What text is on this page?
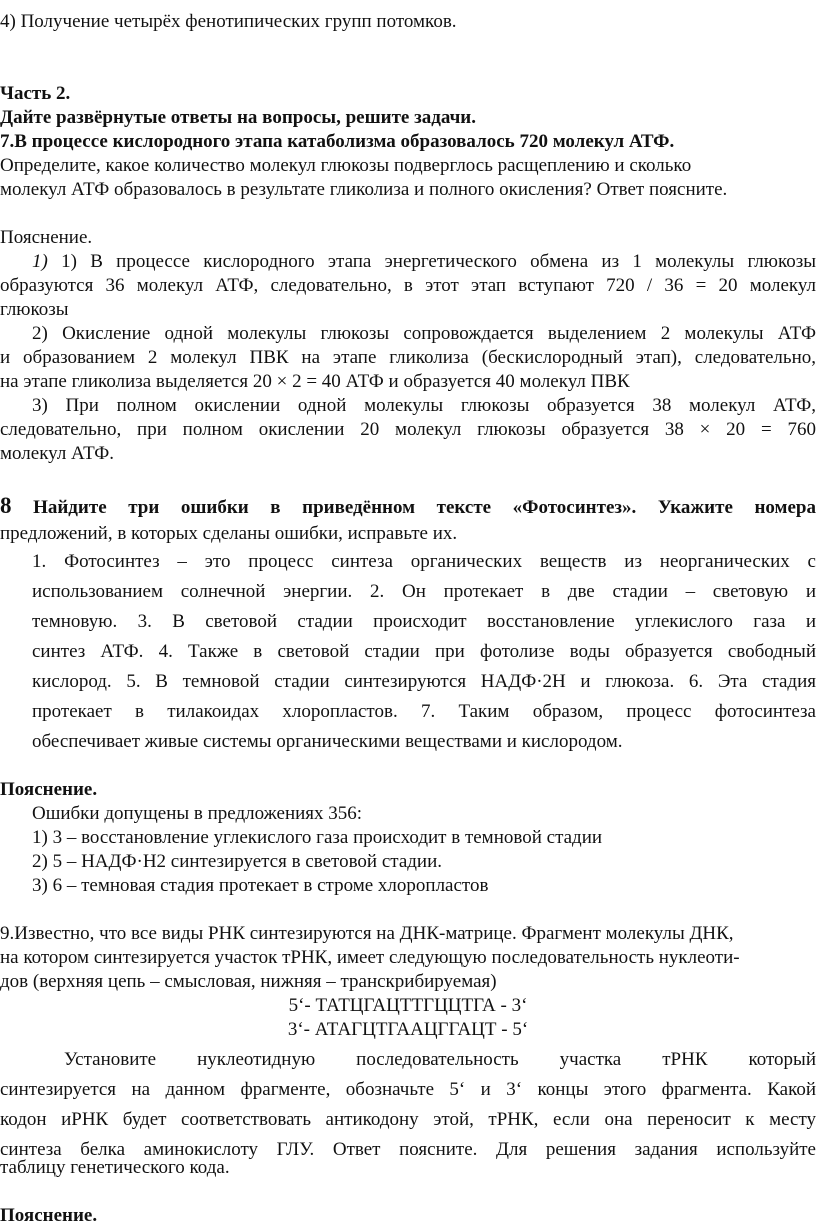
4) Получение четырёх фенотипических групп потомков.
Часть 2.
Дайте развёрнутые ответы на вопросы, решите задачи.
7.В процессе кислородного этапа катаболизма образовалось 720 молекул АТФ.
Определите, какое количество молекул глюкозы подверглось расщеплению и сколько
молекул АТФ образовалось в результате гликолиза и полного окисления? Ответ поясните.
Пояснение.
1) 1) В процессе кислородного этапа энергетического обмена из 1 молекулы глюкозы
образуются 36 молекул АТФ, следовательно, в этот этап вступают 720 / 36 = 20 молекул
глюкозы
2) Окисление одной молекулы глюкозы сопровождается выделением 2 молекулы АТФ
и образованием 2 молекул ПВК на этапе гликолиза (бескислородный этап), следовательно,
на этапе гликолиза выделяется 20 × 2 = 40 АТФ и образуется 40 молекул ПВК
3) При полном окислении одной молекулы глюкозы образуется 38 молекул АТФ,
следовательно, при полном окислении 20 молекул глюкозы образуется 38 × 20 = 760
молекул АТФ.
8 Найдите три ошибки в приведённом тексте «Фотосинтез». Укажите номера
предложений, в которых сделаны ошибки, исправьте их.
1. Фотосинтез – это процесс синтеза органических веществ из неорганических с
использованием солнечной энергии. 2. Он протекает в две стадии – световую и
темновую. 3. В световой стадии происходит восстановление углекислого газа и
синтез АТФ. 4. Также в световой стадии при фотолизе воды образуется свободный
кислород. 5. В темновой стадии синтезируются НАДФ·2Н и глюкоза. 6. Эта стадия
протекает в тилакоидах хлоропластов. 7. Таким образом, процесс фотосинтеза
обеспечивает живые системы органическими веществами и кислородом.
Пояснение.
Ошибки допущены в предложениях 356:
1) 3 – восстановление углекислого газа происходит в темновой стадии
2) 5 – НАДФ·Н2 синтезируется в световой стадии.
3) 6 – темновая стадия протекает в строме хлоропластов
9.Известно, что все виды РНК синтезируются на ДНК-матрице. Фрагмент молекулы ДНК,
на котором синтезируется участок тРНК, имеет следующую последовательность нуклеоти-
дов (верхняя цепь – смысловая, нижняя – транскрибируемая)
5‘- ТАТЦГАЦТТГЦЦТГА - 3‘
3‘- АТАГЦТГААЦГГАЦТ - 5‘
Установите нуклеотидную последовательность участка тРНК который
синтезируется на данном фрагменте, обозначьте 5‘ и 3‘ концы этого фрагмента. Какой
кодон иРНК будет соответствовать антикодону этой, тРНК, если она переносит к месту
синтеза белка аминокислоту ГЛУ. Ответ поясните. Для решения задания используйте
таблицу генетического кода.
Пояснение.
